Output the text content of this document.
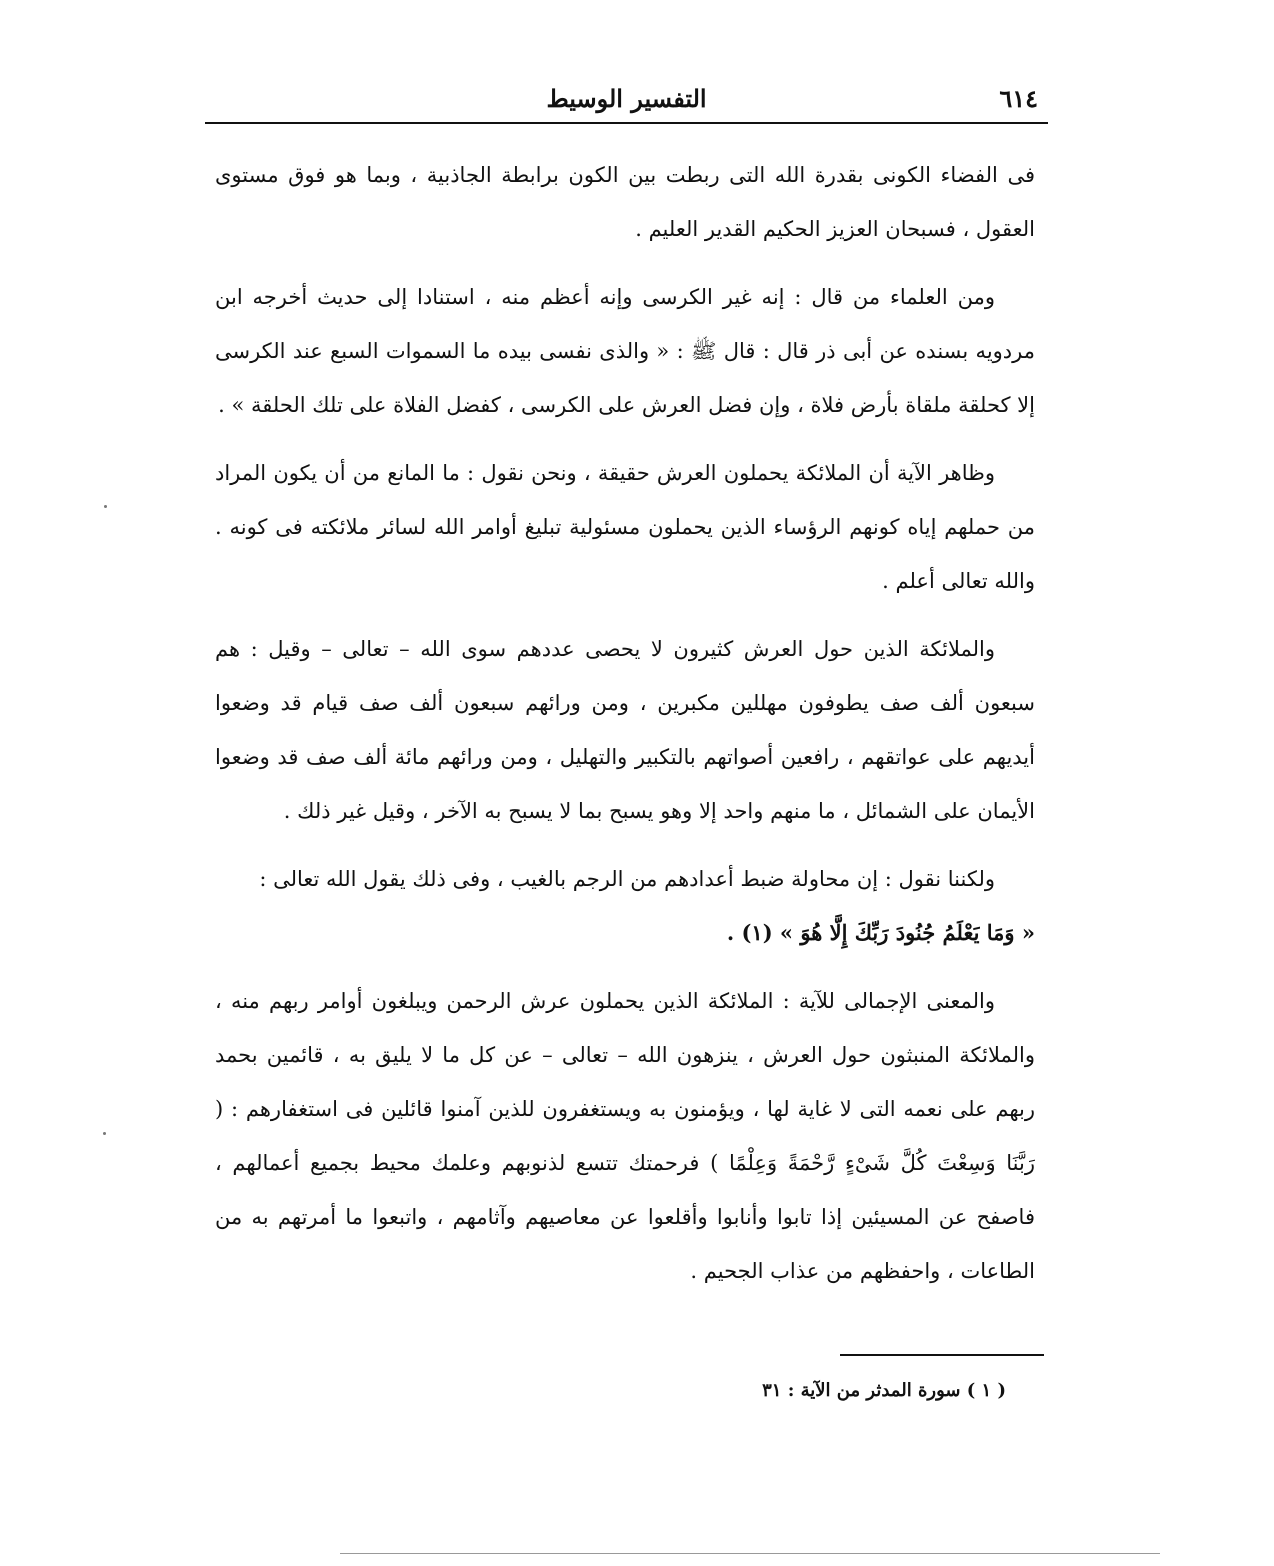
٦١٤
التفسير الوسيط

فى الفضاء الكونى بقدرة الله التى ربطت بين الكون برابطة الجاذبية ، وبما هو فوق مستوى العقول ، فسبحان العزيز الحكيم القدير العليم .

ومن العلماء من قال : إنه غير الكرسى وإنه أعظم منه ، استنادا إلى حديث أخرجه ابن مردويه بسنده عن أبى ذر قال : قال ﷺ : « والذى نفسى بيده ما السموات السبع عند الكرسى إلا كحلقة ملقاة بأرض فلاة ، وإن فضل العرش على الكرسى ، كفضل الفلاة على تلك الحلقة » .

وظاهر الآية أن الملائكة يحملون العرش حقيقة ، ونحن نقول : ما المانع من أن يكون المراد من حملهم إياه كونهم الرؤساء الذين يحملون مسئولية تبليغ أوامر الله لسائر ملائكته فى كونه . والله تعالى أعلم .

والملائكة الذين حول العرش كثيرون لا يحصى عددهم سوى الله – تعالى – وقيل : هم سبعون ألف صف يطوفون مهللين مكبرين ، ومن ورائهم سبعون ألف صف قيام قد وضعوا أيديهم على عواتقهم ، رافعين أصواتهم بالتكبير والتهليل ، ومن ورائهم مائة ألف صف قد وضعوا الأيمان على الشمائل ، ما منهم واحد إلا وهو يسبح بما لا يسبح به الآخر ، وقيل غير ذلك .

ولكننا نقول : إن محاولة ضبط أعدادهم من الرجم بالغيب ، وفى ذلك يقول الله تعالى :
« وَمَا يَعْلَمُ جُنُودَ رَبِّكَ إِلَّا هُوَ » (١) .

والمعنى الإجمالى للآية : الملائكة الذين يحملون عرش الرحمن ويبلغون أوامر ربهم منه ، والملائكة المنبثون حول العرش ، ينزهون الله – تعالى – عن كل ما لا يليق به ، قائمين بحمد ربهم على نعمه التى لا غاية لها ، ويؤمنون به ويستغفرون للذين آمنوا قائلين فى استغفارهم : ( رَبَّنَا وَسِعْتَ كُلَّ شَىْءٍ رَّحْمَةً وَعِلْمًا ) فرحمتك تتسع لذنوبهم وعلمك محيط بجميع أعمالهم ، فاصفح عن المسيئين إذا تابوا وأنابوا وأقلعوا عن معاصيهم وآثامهم ، واتبعوا ما أمرتهم به من الطاعات ، واحفظهم من عذاب الجحيم .

( ١ ) سورة المدثر من الآية : ٣١
